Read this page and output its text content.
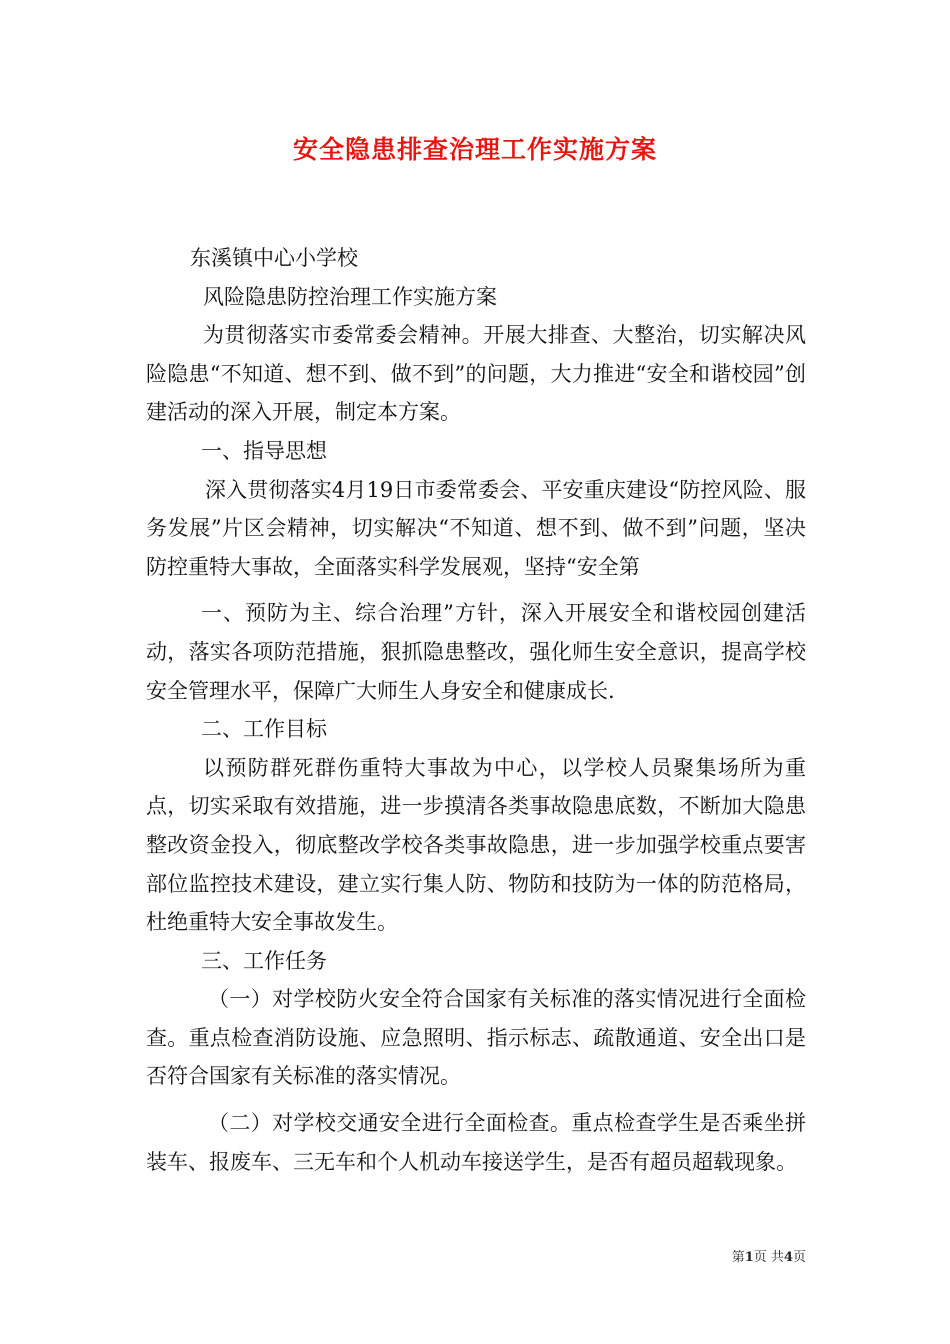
安全隐患排查治理工作实施方案

东溪镇中心小学校

风险隐患防控治理工作实施方案

为贯彻落实市委常委会精神。开展大排查、大整治，切实解决风险隐患“不知道、想不到、做不到”的问题，大力推进“安全和谐校园”创建活动的深入开展，制定本方案。

一、指导思想

深入贯彻落实4月19日市委常委会、平安重庆建设“防控风险、服务发展”片区会精神，切实解决“不知道、想不到、做不到”问题，坚决防控重特大事故，全面落实科学发展观，坚持“安全第

一、预防为主、综合治理”方针，深入开展安全和谐校园创建活动，落实各项防范措施，狠抓隐患整改，强化师生安全意识，提高学校安全管理水平，保障广大师生人身安全和健康成长.

二、工作目标

以预防群死群伤重特大事故为中心，以学校人员聚集场所为重点，切实采取有效措施，进一步摸清各类事故隐患底数，不断加大隐患整改资金投入，彻底整改学校各类事故隐患，进一步加强学校重点要害部位监控技术建设，建立实行集人防、物防和技防为一体的防范格局，杜绝重特大安全事故发生。

三、工作任务

（一）对学校防火安全符合国家有关标准的落实情况进行全面检查。重点检查消防设施、应急照明、指示标志、疏散通道、安全出口是否符合国家有关标准的落实情况。

（二）对学校交通安全进行全面检查。重点检查学生是否乘坐拼装车、报废车、三无车和个人机动车接送学生，是否有超员超载现象。

第1页 共4页
